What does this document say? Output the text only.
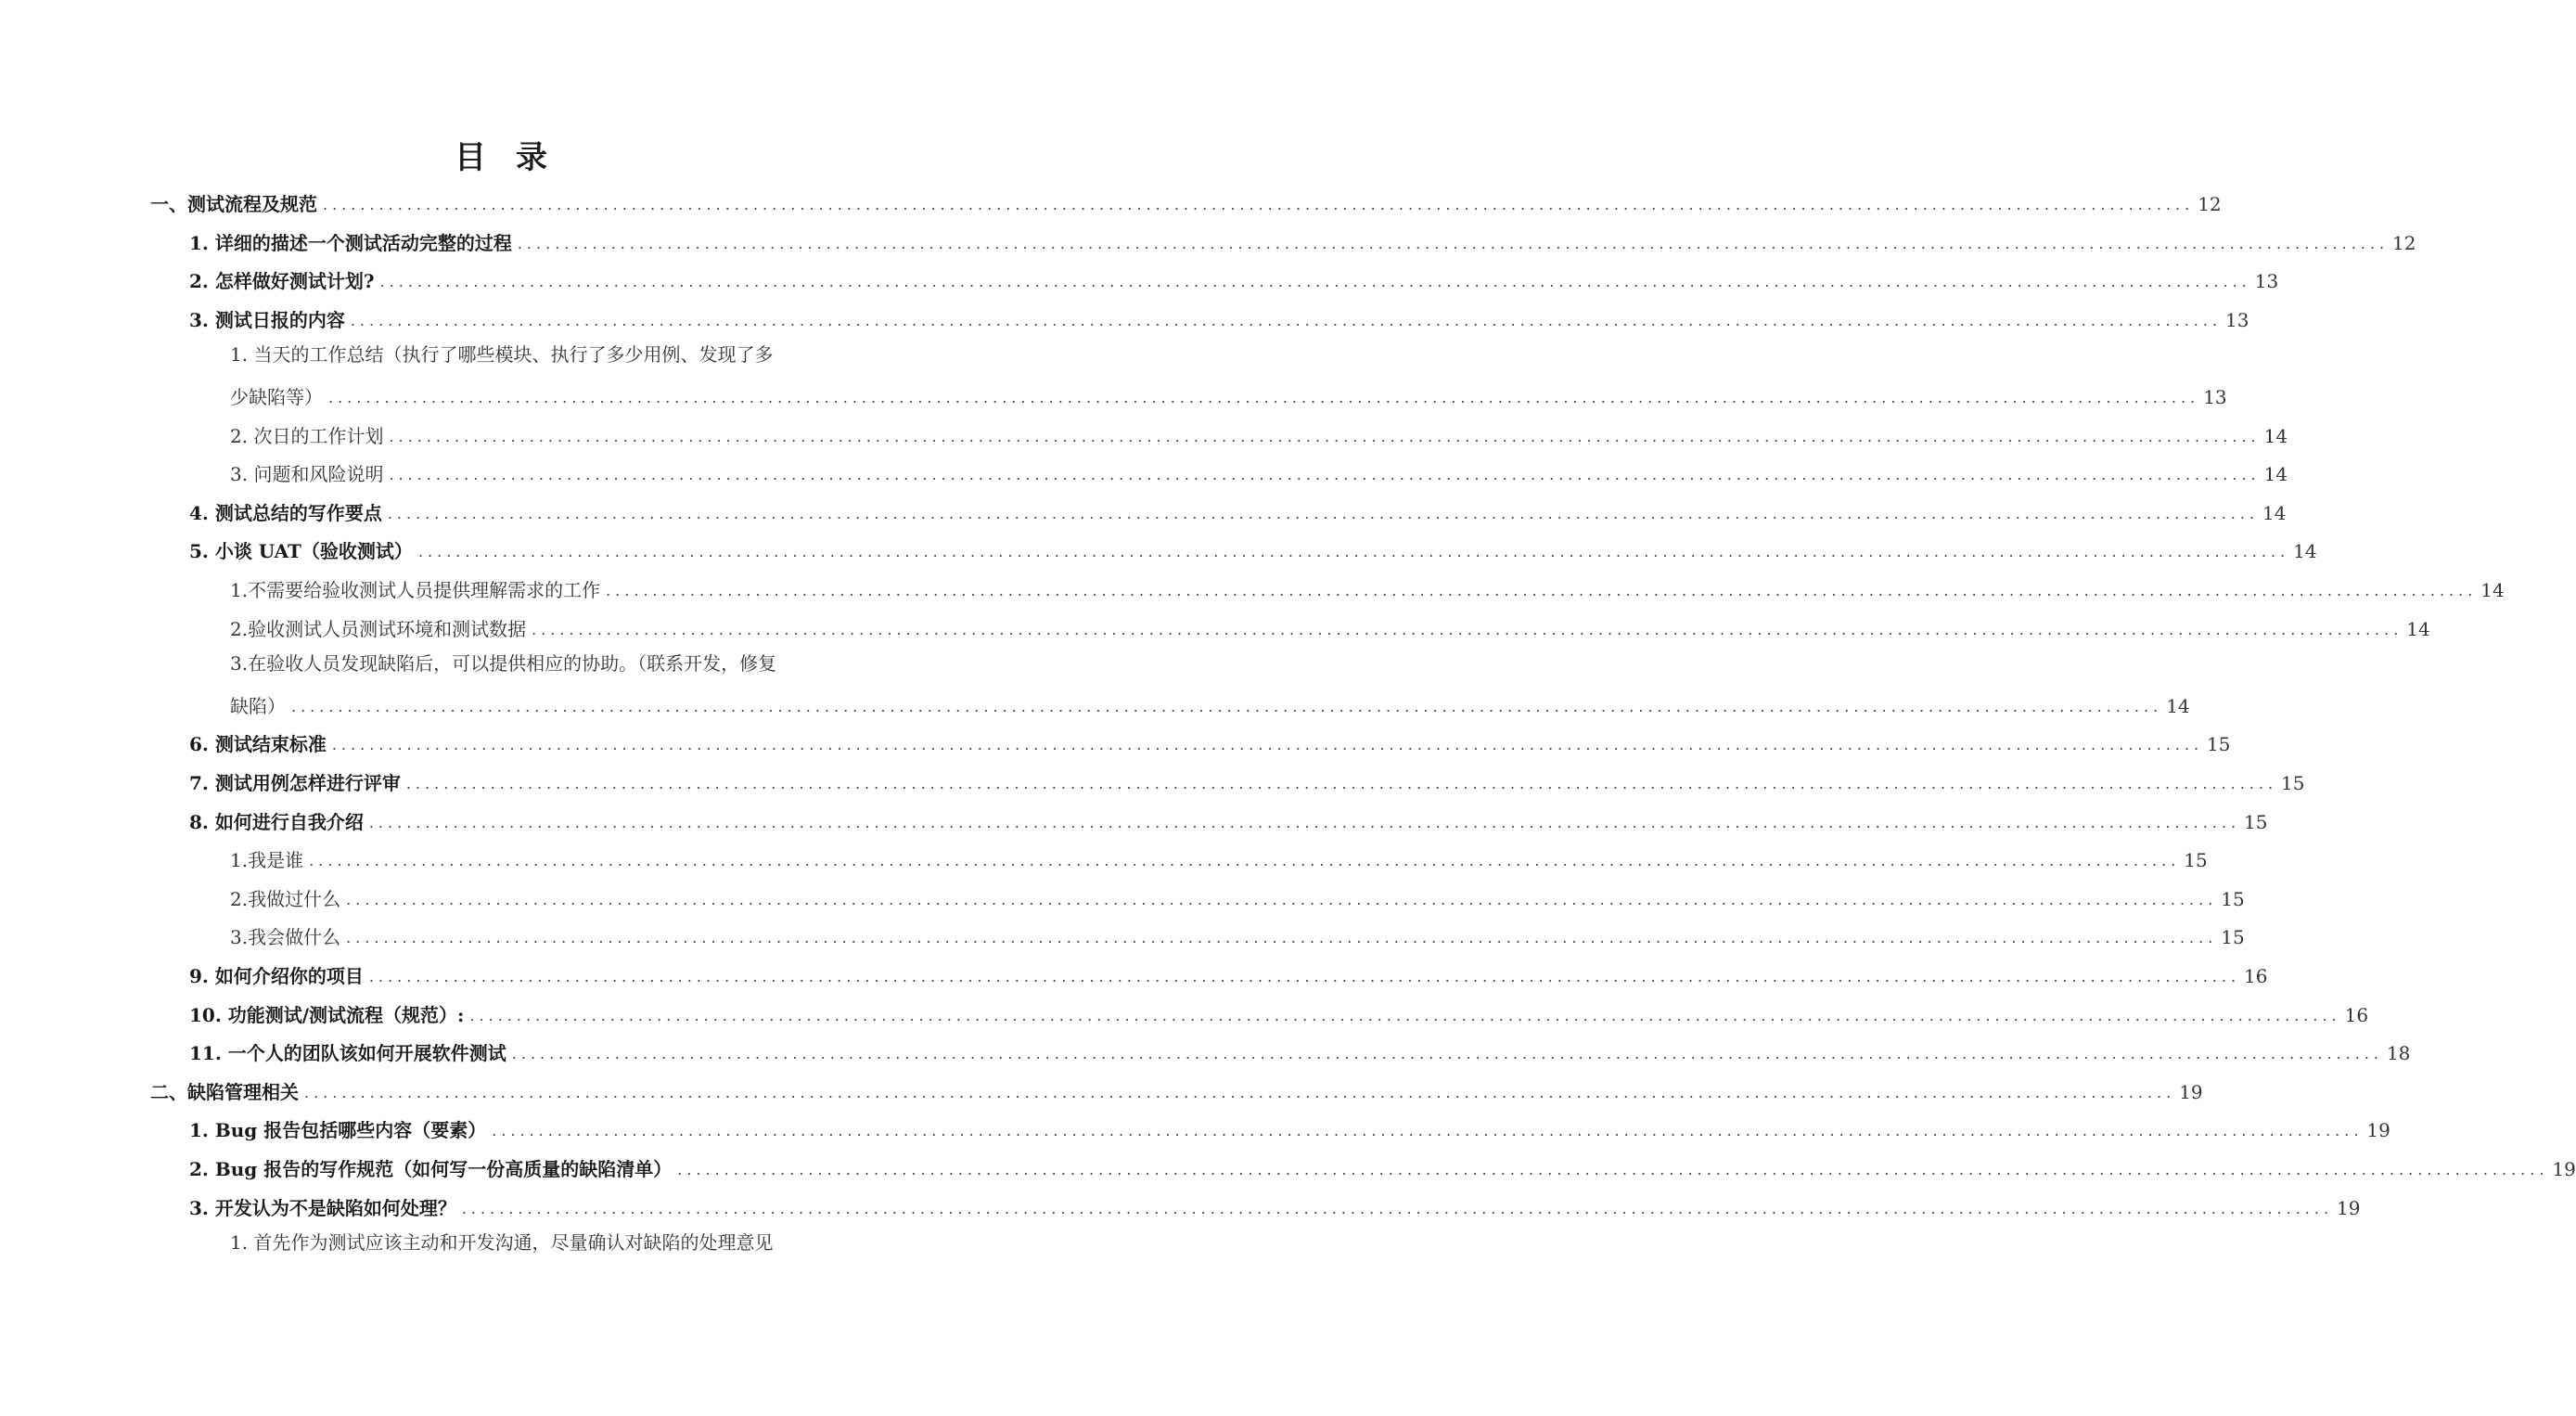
目录
一、测试流程及规范 ........................................................................................................................................................................................................ 12
1. 详细的描述一个测试活动完整的过程 ........................................................................................................................................................................................................ 12
2. 怎样做好测试计划? ........................................................................................................................................................................................................ 13
3. 测试日报的内容 ........................................................................................................................................................................................................ 13
1. 当天的工作总结（执行了哪些模块、执行了多少用例、发现了多
少缺陷等） ........................................................................................................................................................................................................ 13
2. 次日的工作计划 ........................................................................................................................................................................................................ 14
3. 问题和风险说明 ........................................................................................................................................................................................................ 14
4. 测试总结的写作要点 ........................................................................................................................................................................................................ 14
5. 小谈 UAT（验收测试） ........................................................................................................................................................................................................ 14
1.不需要给验收测试人员提供理解需求的工作 ........................................................................................................................................................................................................ 14
2.验收测试人员测试环境和测试数据 ........................................................................................................................................................................................................ 14
3.在验收人员发现缺陷后，可以提供相应的协助。（联系开发，修复
缺陷） ........................................................................................................................................................................................................ 14
6. 测试结束标准 ........................................................................................................................................................................................................ 15
7. 测试用例怎样进行评审 ........................................................................................................................................................................................................ 15
8. 如何进行自我介绍 ........................................................................................................................................................................................................ 15
1.我是谁 ........................................................................................................................................................................................................ 15
2.我做过什么 ........................................................................................................................................................................................................ 15
3.我会做什么 ........................................................................................................................................................................................................ 15
9. 如何介绍你的项目 ........................................................................................................................................................................................................ 16
10. 功能测试/测试流程（规范）: ........................................................................................................................................................................................................ 16
11. 一个人的团队该如何开展软件测试 ........................................................................................................................................................................................................ 18
二、缺陷管理相关 ........................................................................................................................................................................................................ 19
1. Bug 报告包括哪些内容（要素） ........................................................................................................................................................................................................ 19
2. Bug 报告的写作规范（如何写一份高质量的缺陷清单） ........................................................................................................................................................................................................ 19
3. 开发认为不是缺陷如何处理？ ........................................................................................................................................................................................................ 19
1. 首先作为测试应该主动和开发沟通，尽量确认对缺陷的处理意见
